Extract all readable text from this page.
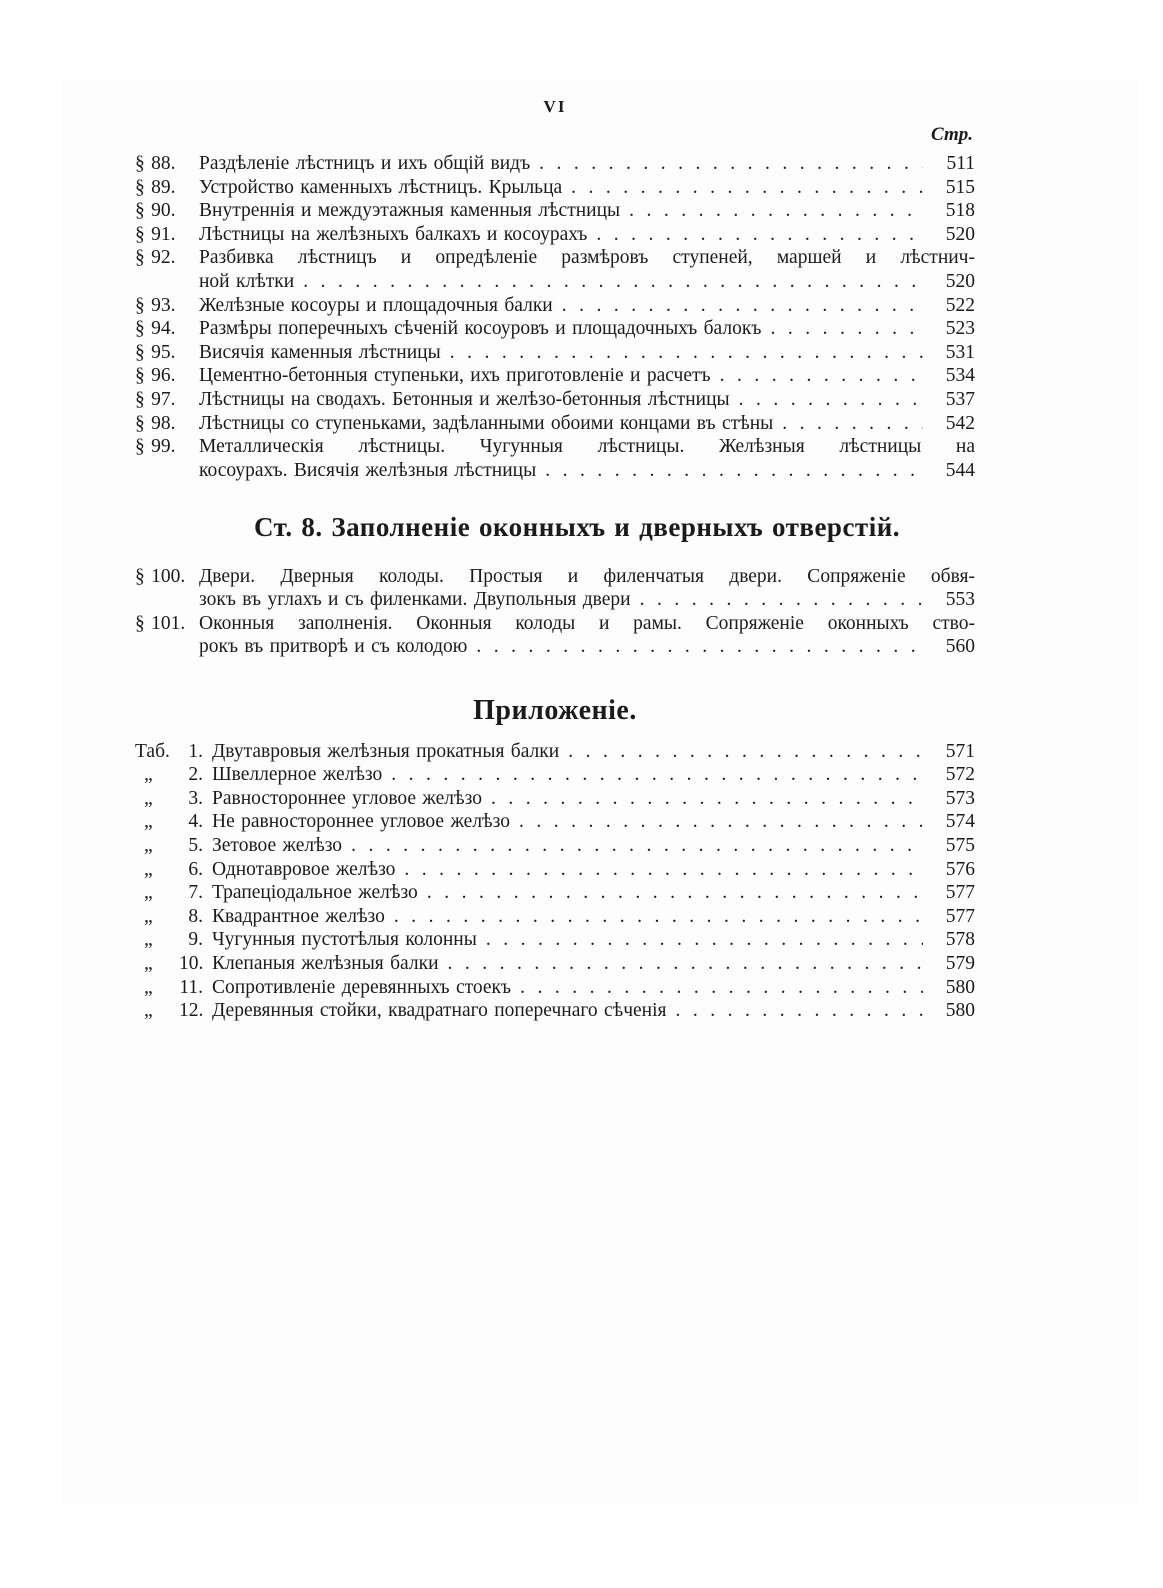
VI
Стр.
§ 88.	Раздѣленіе лѣстницъ и ихъ общій видъ .....	511
§ 89.	Устройство каменныхъ лѣстницъ. Крыльца .....	515
§ 90.	Внутреннія и междуэтажныя каменныя лѣстницы .....	518
§ 91.	Лѣстницы на желѣзныхъ балкахъ и косоурахъ .....	520
§ 92.	Разбивка лѣстницъ и опредѣленіе размѣровъ ступеней, маршей и лѣстнич-
ной клѣтки .....	520
§ 93.	Желѣзные косоуры и площадочныя балки .....	522
§ 94.	Размѣры поперечныхъ сѣченій косоуровъ и площадочныхъ балокъ .....	523
§ 95.	Висячія каменныя лѣстницы .....	531
§ 96.	Цементно-бетонныя ступеньки, ихъ приготовленіе и расчетъ .....	534
§ 97.	Лѣстницы на сводахъ. Бетонныя и желѣзо-бетонныя лѣстницы .....	537
§ 98.	Лѣстницы со ступеньками, задѣланными обоими концами въ стѣны .....	542
§ 99.	Металлическія лѣстницы. Чугунныя лѣстницы. Желѣзныя лѣстницы на
косоурахъ. Висячія желѣзныя лѣстницы .....	544
Ст. 8. Заполненіе оконныхъ и дверныхъ отверстій.
§ 100. Двери. Дверныя колоды. Простыя и филенчатыя двери. Сопряженіе обвя-
зокъ въ углахъ и съ филенками. Двупольныя двери .....	553
§ 101. Оконныя заполненія. Оконныя колоды и рамы. Сопряженіе оконныхъ ство-
рокъ въ притворѣ и съ колодою .....	560
Приложеніе.
Таб. 1. Двутавровыя желѣзныя прокатныя балки .....	571
„	2. Швеллерное желѣзо .....	572
„	3. Равностороннее угловое желѣзо .....	573
„	4. Не равностороннее угловое желѣзо .....	574
„	5. Зетовое желѣзо .....	575
„	6. Однотавровое желѣзо .....	576
„	7. Трапеціодальное желѣзо .....	577
„	8. Квадрантное желѣзо .....	577
„	9. Чугунныя пустотѣлыя колонны .....	578
„	10. Клепаныя желѣзныя балки .....	579
„	11. Сопротивленіе деревянныхъ стоекъ .....	580
„	12. Деревянныя стойки, квадратнаго поперечнаго сѣченія .....	580
